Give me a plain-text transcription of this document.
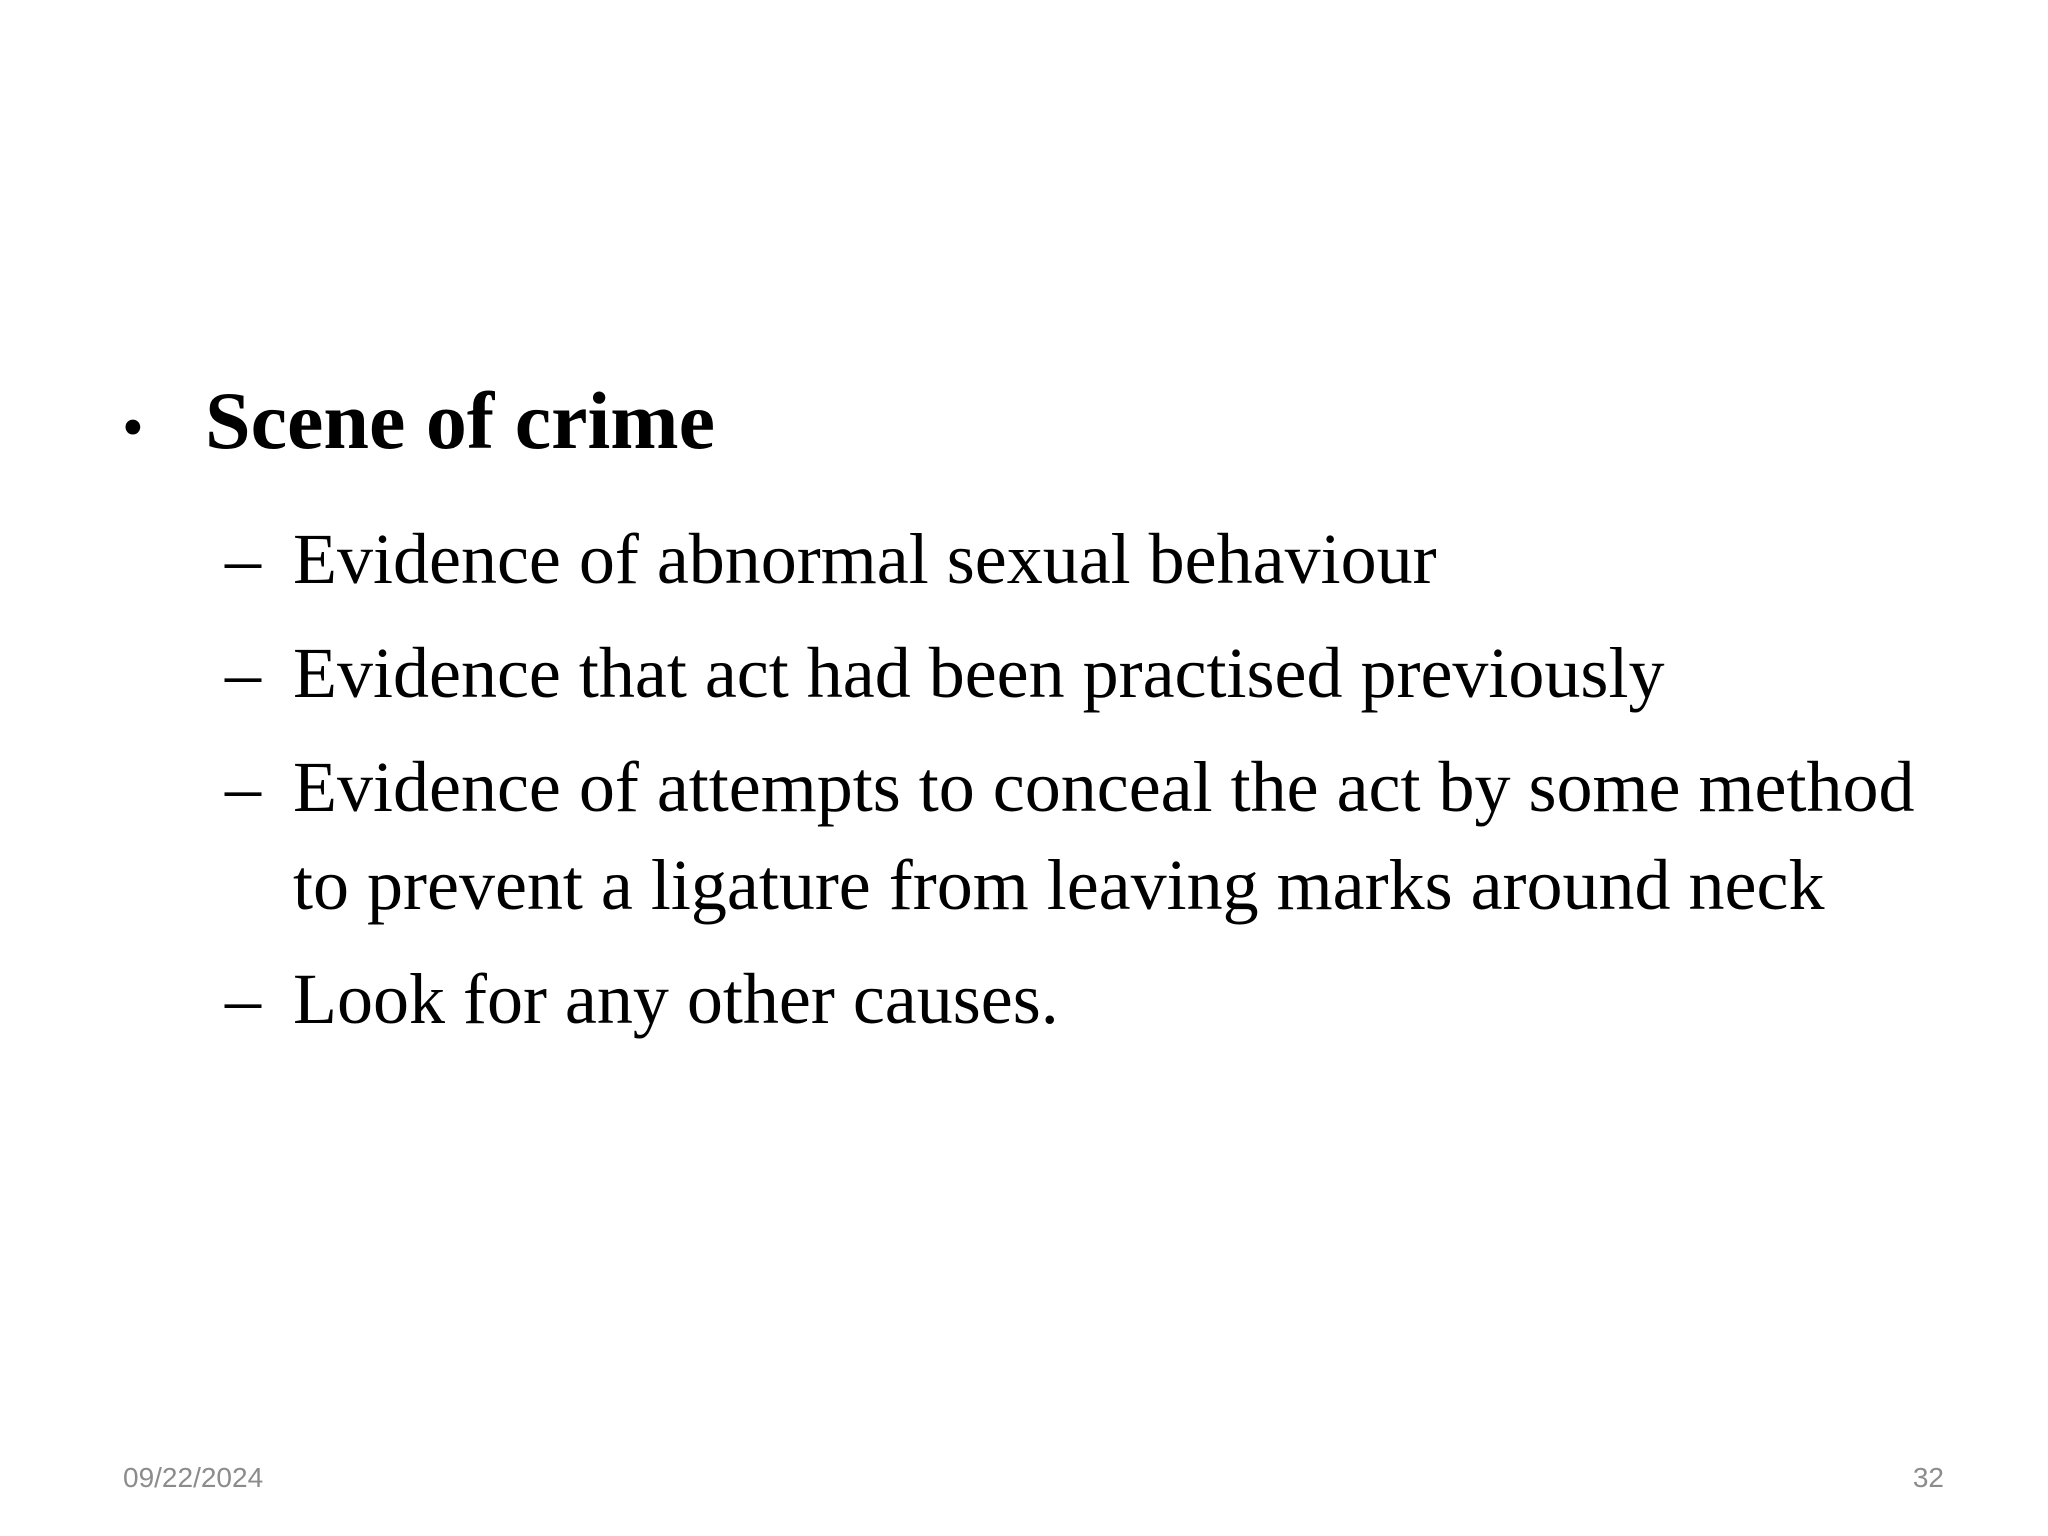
• Scene of crime
– Evidence of abnormal sexual behaviour
– Evidence that act had been practised previously
– Evidence of attempts to conceal the act by some method to prevent a ligature from leaving marks around neck
– Look for any other causes.
09/22/2024	32
